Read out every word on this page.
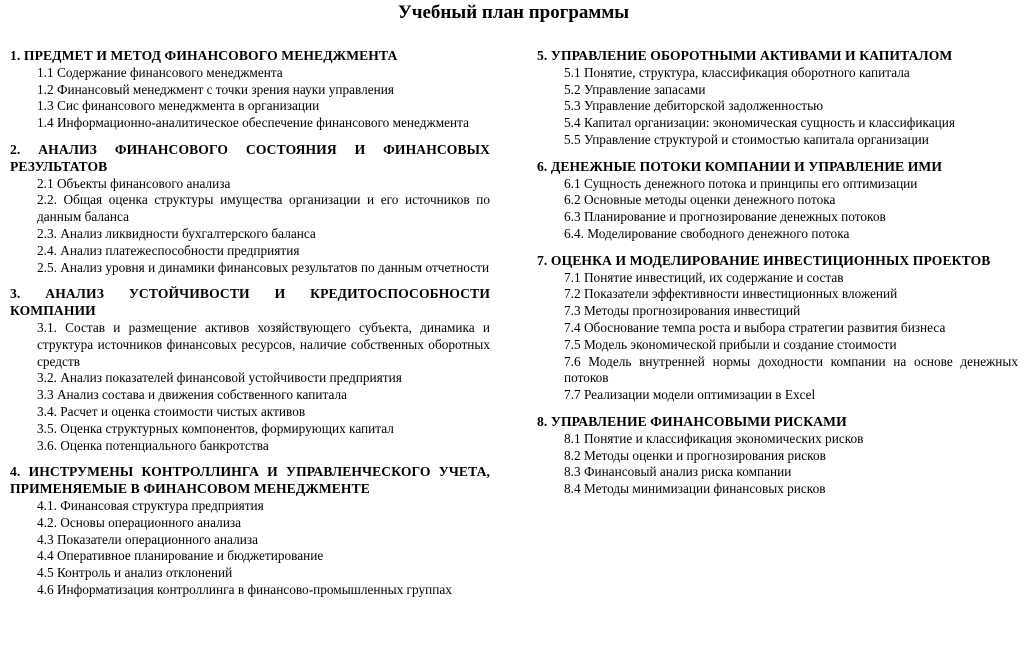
Учебный план программы
1. ПРЕДМЕТ И МЕТОД ФИНАНСОВОГО МЕНЕДЖМЕНТА
1.1 Содержание финансового менеджмента
1.2 Финансовый менеджмент с точки зрения науки управления
1.3 Сис финансового менеджмента в организации
1.4 Информационно-аналитическое обеспечение финансового менеджмента
2. АНАЛИЗ ФИНАНСОВОГО СОСТОЯНИЯ И ФИНАНСОВЫХ РЕЗУЛЬТАТОВ
2.1 Объекты финансового анализа
2.2. Общая оценка структуры имущества организации и его источников по данным баланса
2.3. Анализ ликвидности бухгалтерского баланса
2.4. Анализ платежеспособности предприятия
2.5. Анализ уровня и динамики финансовых результатов по данным отчетности
3. АНАЛИЗ УСТОЙЧИВОСТИ И КРЕДИТОСПОСОБНОСТИ КОМПАНИИ
3.1. Состав и размещение активов хозяйствующего субъекта, динамика и структура источников финансовых ресурсов, наличие собственных оборотных средств
3.2. Анализ показателей финансовой устойчивости предприятия
3.3 Анализ состава и движения собственного капитала
3.4. Расчет и оценка стоимости чистых активов
3.5. Оценка структурных компонентов, формирующих капитал
3.6. Оценка потенциального банкротства
4. ИНСТРУМЕНЫ КОНТРОЛЛИНГА И УПРАВЛЕНЧЕСКОГО УЧЕТА, ПРИМЕНЯЕМЫЕ В ФИНАНСОВОМ МЕНЕДЖМЕНТЕ
4.1. Финансовая структура предприятия
4.2. Основы операционного анализа
4.3 Показатели операционного анализа
4.4 Оперативное планирование и бюджетирование
4.5 Контроль и анализ отклонений
4.6 Информатизация контроллинга в финансово-промышленных группах
5. УПРАВЛЕНИЕ ОБОРОТНЫМИ АКТИВАМИ И КАПИТАЛОМ
5.1 Понятие, структура, классификация оборотного капитала
5.2 Управление запасами
5.3 Управление дебиторской задолженностью
5.4 Капитал организации: экономическая сущность и классификация
5.5 Управление структурой и стоимостью капитала организации
6. ДЕНЕЖНЫЕ ПОТОКИ КОМПАНИИ И УПРАВЛЕНИЕ ИМИ
6.1 Сущность денежного потока и принципы его оптимизации
6.2 Основные методы оценки денежного потока
6.3 Планирование и прогнозирование денежных потоков
6.4. Моделирование свободного денежного потока
7. ОЦЕНКА И МОДЕЛИРОВАНИЕ ИНВЕСТИЦИОННЫХ ПРОЕКТОВ
7.1 Понятие инвестиций, их содержание и состав
7.2 Показатели эффективности инвестиционных вложений
7.3 Методы прогнозирования инвестиций
7.4 Обоснование темпа роста и выбора стратегии развития бизнеса
7.5 Модель экономической прибыли и создание стоимости
7.6 Модель внутренней нормы доходности компании на основе денежных потоков
7.7 Реализации модели оптимизации в Excel
8. УПРАВЛЕНИЕ ФИНАНСОВЫМИ РИСКАМИ
8.1 Понятие и классификация экономических рисков
8.2 Методы оценки и прогнозирования рисков
8.3 Финансовый анализ риска компании
8.4 Методы минимизации финансовых рисков
